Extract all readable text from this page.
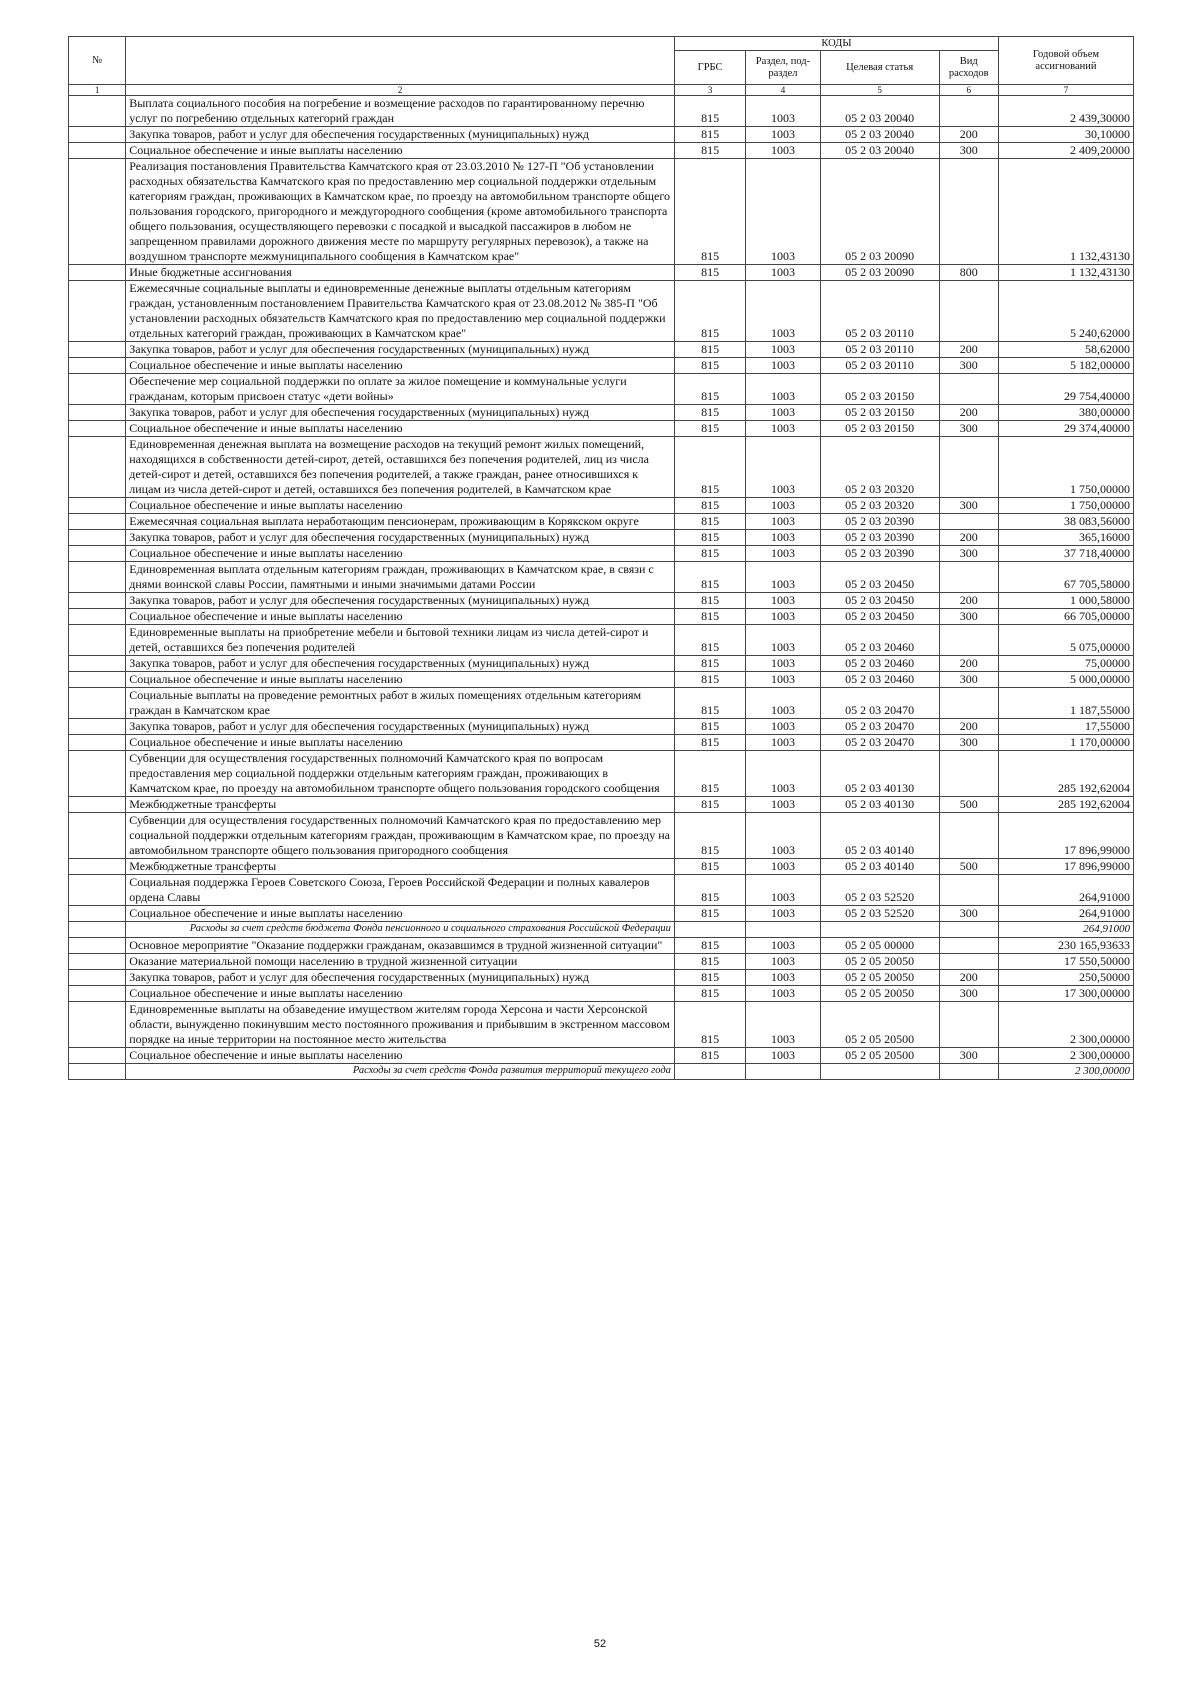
№		КОДЫ				Годовой объем ассигнований
		ГРБС	Раздел, под-раздел	Целевая статья	Вид расходов	
1	2	3	4	5	6	7
	Выплата социального пособия на погребение и возмещение расходов по гарантированному перечню услуг по погребению отдельных категорий граждан	815	1003	05 2 03 20040		2 439,30000
	Закупка товаров, работ и услуг для обеспечения государственных (муниципальных) нужд	815	1003	05 2 03 20040	200	30,10000
	Социальное обеспечение и иные выплаты населению	815	1003	05 2 03 20040	300	2 409,20000
	Реализация постановления Правительства Камчатского края от 23.03.2010 № 127-П "Об установлении расходных обязательства Камчатского края по предоставлению мер социальной поддержки отдельным категориям граждан, проживающих в Камчатском крае, по проезду на автомобильном транспорте общего пользования городского, пригородного и междугородного сообщения (кроме автомобильного транспорта общего пользования, осуществляющего перевозки с посадкой и высадкой пассажиров в любом не запрещенном правилами дорожного движения месте по маршруту регулярных перевозок), а также на воздушном транспорте межмуниципального сообщения в Камчатском крае"	815	1003	05 2 03 20090		1 132,43130
	Иные бюджетные ассигнования	815	1003	05 2 03 20090	800	1 132,43130
	Ежемесячные социальные выплаты и единовременные денежные выплаты отдельным категориям граждан, установленным постановлением Правительства Камчатского края от 23.08.2012 № 385-П "Об установлении расходных обязательств Камчатского края по предоставлению мер социальной поддержки отдельных категорий граждан, проживающих в Камчатском крае"	815	1003	05 2 03 20110		5 240,62000
	Закупка товаров, работ и услуг для обеспечения государственных (муниципальных) нужд	815	1003	05 2 03 20110	200	58,62000
	Социальное обеспечение и иные выплаты населению	815	1003	05 2 03 20110	300	5 182,00000
	Обеспечение мер социальной поддержки по оплате за жилое помещение и коммунальные услуги гражданам, которым присвоен статус «дети войны»	815	1003	05 2 03 20150		29 754,40000
	Закупка товаров, работ и услуг для обеспечения государственных (муниципальных) нужд	815	1003	05 2 03 20150	200	380,00000
	Социальное обеспечение и иные выплаты населению	815	1003	05 2 03 20150	300	29 374,40000
	Единовременная денежная выплата на возмещение расходов на текущий ремонт жилых помещений, находящихся в собственности детей-сирот, детей, оставшихся без попечения родителей, лиц из числа детей-сирот и детей, оставшихся без попечения родителей, а также граждан, ранее относившихся к лицам из числа детей-сирот и детей, оставшихся без попечения родителей, в Камчатском крае	815	1003	05 2 03 20320		1 750,00000
	Социальное обеспечение и иные выплаты населению	815	1003	05 2 03 20320	300	1 750,00000
	Ежемесячная социальная выплата неработающим пенсионерам, проживающим в Корякском округе	815	1003	05 2 03 20390		38 083,56000
	Закупка товаров, работ и услуг для обеспечения государственных (муниципальных) нужд	815	1003	05 2 03 20390	200	365,16000
	Социальное обеспечение и иные выплаты населению	815	1003	05 2 03 20390	300	37 718,40000
	Единовременная выплата отдельным категориям граждан, проживающих в Камчатском крае, в связи с днями воинской славы России, памятными и иными значимыми датами России	815	1003	05 2 03 20450		67 705,58000
	Закупка товаров, работ и услуг для обеспечения государственных (муниципальных) нужд	815	1003	05 2 03 20450	200	1 000,58000
	Социальное обеспечение и иные выплаты населению	815	1003	05 2 03 20450	300	66 705,00000
	Единовременные выплаты на приобретение мебели и бытовой техники лицам из числа детей-сирот и детей, оставшихся без попечения родителей	815	1003	05 2 03 20460		5 075,00000
	Закупка товаров, работ и услуг для обеспечения государственных (муниципальных) нужд	815	1003	05 2 03 20460	200	75,00000
	Социальное обеспечение и иные выплаты населению	815	1003	05 2 03 20460	300	5 000,00000
	Социальные выплаты на проведение ремонтных работ в жилых помещениях отдельным категориям граждан в Камчатском крае	815	1003	05 2 03 20470		1 187,55000
	Закупка товаров, работ и услуг для обеспечения государственных (муниципальных) нужд	815	1003	05 2 03 20470	200	17,55000
	Социальное обеспечение и иные выплаты населению	815	1003	05 2 03 20470	300	1 170,00000
	Субвенции для осуществления государственных полномочий Камчатского края по вопросам предоставления мер социальной поддержки отдельным категориям граждан, проживающих в Камчатском крае, по проезду на автомобильном транспорте общего пользования городского сообщения	815	1003	05 2 03 40130		285 192,62004
	Межбюджетные трансферты	815	1003	05 2 03 40130	500	285 192,62004
	Субвенции для осуществления государственных полномочий Камчатского края по предоставлению мер социальной поддержки отдельным категориям граждан, проживающим в Камчатском крае, по проезду на автомобильном транспорте общего пользования пригородного сообщения	815	1003	05 2 03 40140		17 896,99000
	Межбюджетные трансферты	815	1003	05 2 03 40140	500	17 896,99000
	Социальная поддержка Героев Советского Союза, Героев Российской Федерации и полных кавалеров ордена Славы	815	1003	05 2 03 52520		264,91000
	Социальное обеспечение и иные выплаты населению	815	1003	05 2 03 52520	300	264,91000
	Расходы за счет средств бюджета Фонда пенсионного и социального страхования Российской Федерации					264,91000
	Основное мероприятие "Оказание поддержки гражданам, оказавшимся в трудной жизненной ситуации"	815	1003	05 2 05 00000		230 165,93633
	Оказание материальной помощи населению в трудной жизненной ситуации	815	1003	05 2 05 20050		17 550,50000
	Закупка товаров, работ и услуг для обеспечения государственных (муниципальных) нужд	815	1003	05 2 05 20050	200	250,50000
	Социальное обеспечение и иные выплаты населению	815	1003	05 2 05 20050	300	17 300,00000
	Единовременные выплаты на обзаведение имуществом жителям города Херсона и части Херсонской области, вынужденно покинувшим место постоянного проживания и прибывшим в экстренном массовом порядке на иные территории на постоянное место жительства	815	1003	05 2 05 20500		2 300,00000
	Социальное обеспечение и иные выплаты населению	815	1003	05 2 05 20500	300	2 300,00000
	Расходы за счет средств Фонда развития территорий текущего года					2 300,00000
52
